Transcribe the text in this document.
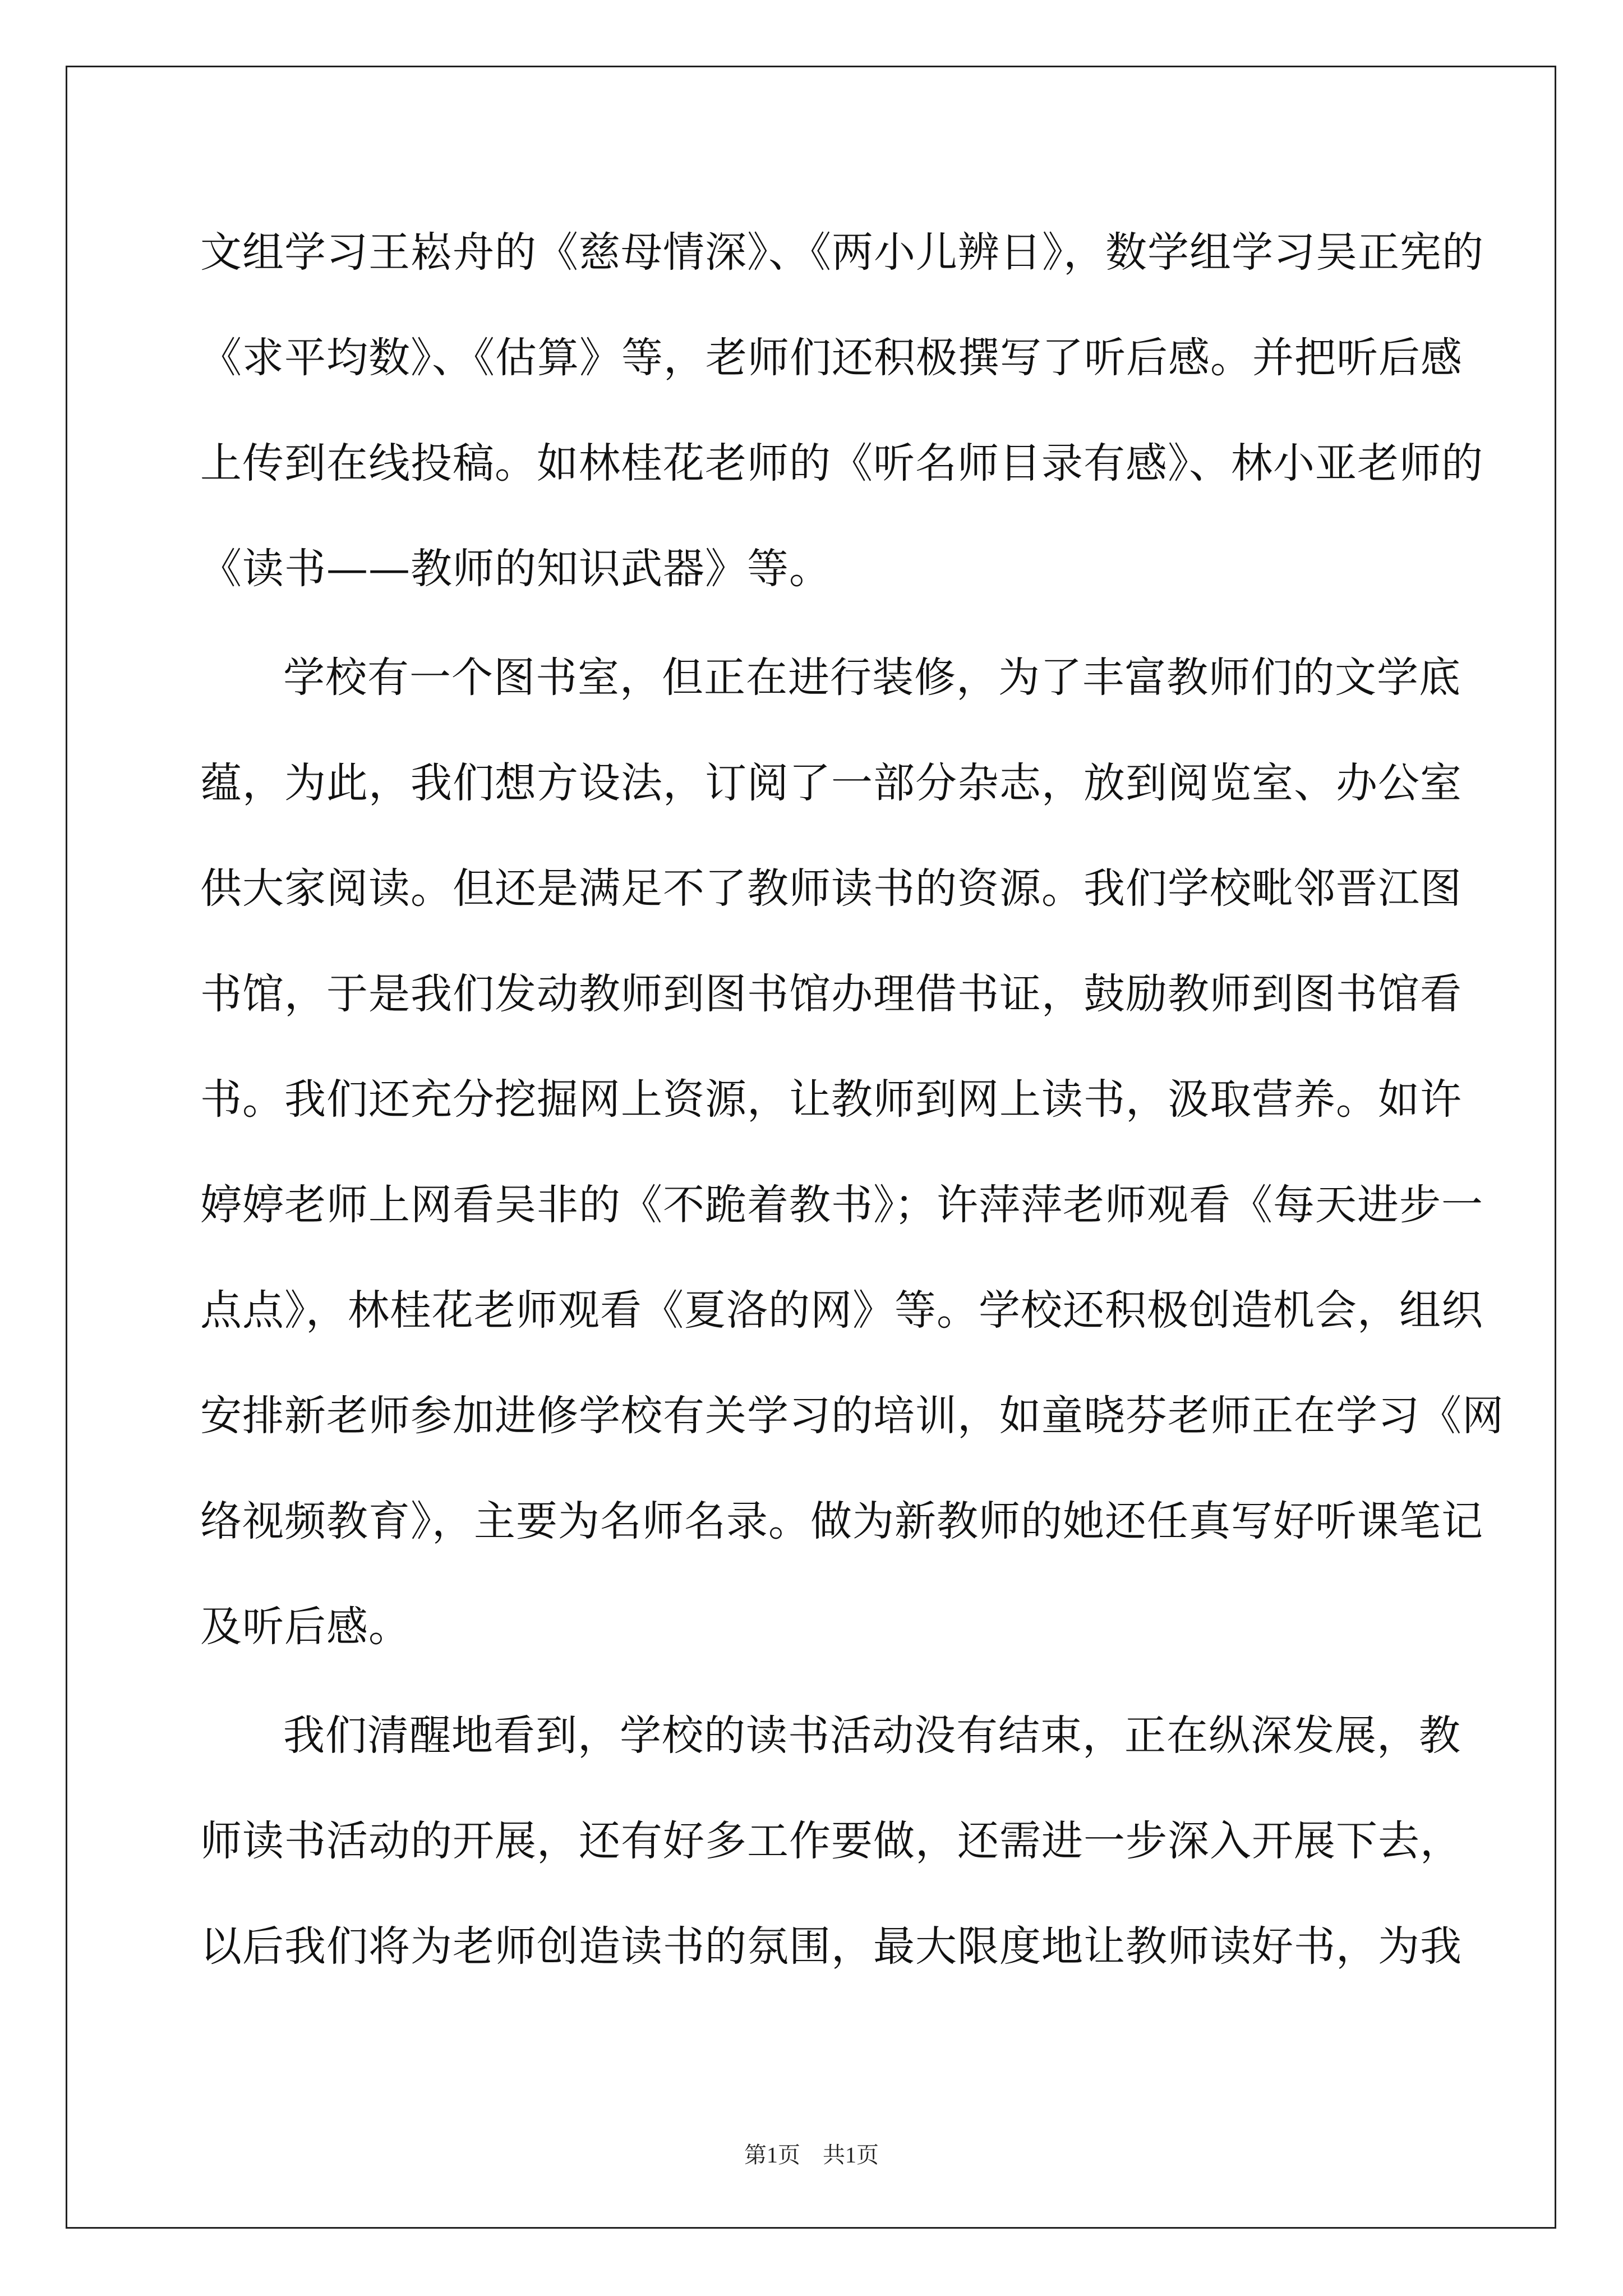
文组学习王崧舟的《慈母情深》、《两小儿辨日》，数学组学习吴正宪的
《求平均数》、《估算》等，老师们还积极撰写了听后感。并把听后感
上传到在线投稿。如林桂花老师的《听名师目录有感》、林小亚老师的
《读书——教师的知识武器》等。
学校有一个图书室，但正在进行装修，为了丰富教师们的文学底
蕴，为此，我们想方设法，订阅了一部分杂志，放到阅览室、办公室
供大家阅读。但还是满足不了教师读书的资源。我们学校毗邻晋江图
书馆，于是我们发动教师到图书馆办理借书证，鼓励教师到图书馆看
书。我们还充分挖掘网上资源，让教师到网上读书，汲取营养。如许
婷婷老师上网看吴非的《不跪着教书》；许萍萍老师观看《每天进步一
点点》，林桂花老师观看《夏洛的网》等。学校还积极创造机会，组织
安排新老师参加进修学校有关学习的培训，如童晓芬老师正在学习《网
络视频教育》，主要为名师名录。做为新教师的她还任真写好听课笔记
及听后感。
我们清醒地看到，学校的读书活动没有结束，正在纵深发展，教
师读书活动的开展，还有好多工作要做，还需进一步深入开展下去，
以后我们将为老师创造读书的氛围，最大限度地让教师读好书，为我
第1页　共1页
